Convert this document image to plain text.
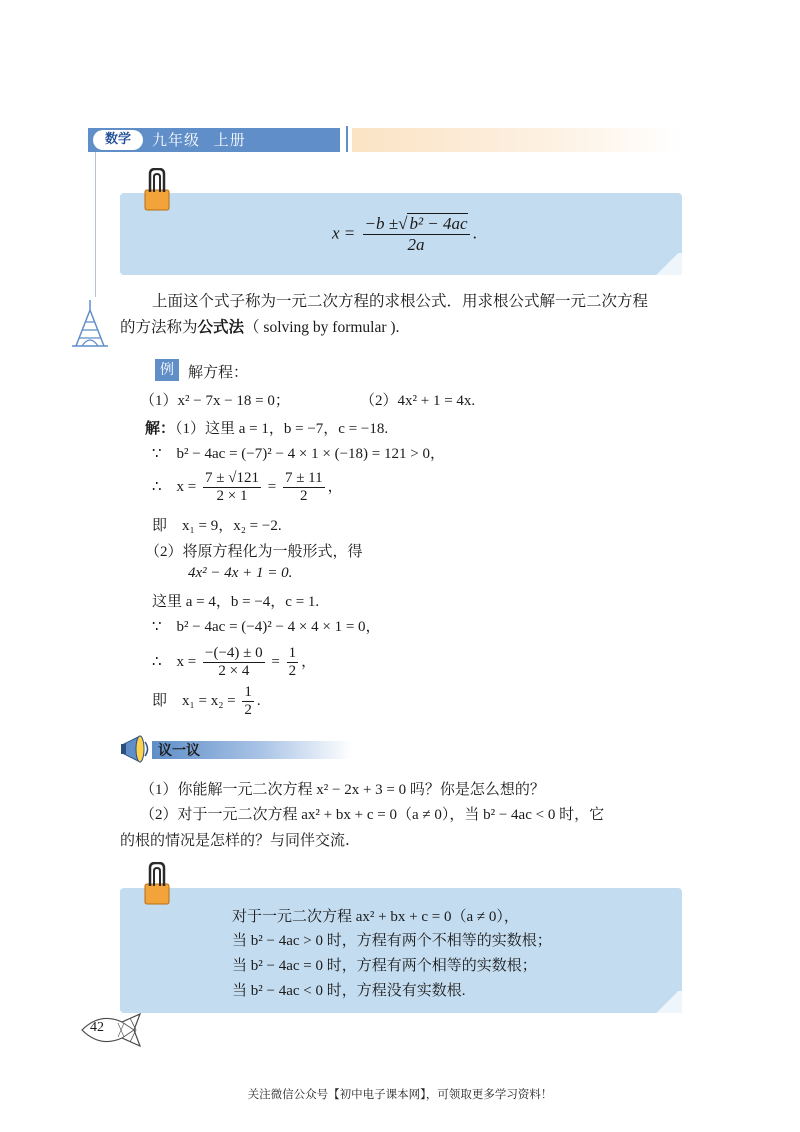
数学	九年级 上册
$x = \frac{\text{−b ±√ b² − 4ac}}{2a}$ .
上面这个式子称为一元二次方程的求根公式．用求根公式解一元二次方程
的方法称为公式法（ solving by formular ).
例 解方程：
（1）x² − 7x − 18 = 0；	（2）4x² + 1 = 4x.
解：（1）这里 a = 1，b = −7，c = −18.
∵　b² − 4ac = (−7)² − 4 × 1 × (−18) = 121 > 0，
∴　$x = \frac{7 \pm √121}{2 \times 1} = \frac{7 \pm 11}{2}$ ，
即　x₁ = 9，x₂ = −2.
（2）将原方程化为一般形式，得
4x² − 4x + 1 = 0.
这里 a = 4，b = −4，c = 1.
∵　b² − 4ac = (−4)² − 4 × 4 × 1 = 0，
∴　$x = \frac{-(-4) \pm 0}{2 \times 4} = \frac{1}{2}$ ，
即　$x_1 = x_2 = \frac{1}{2}$ .
议一议
（1）你能解一元二次方程 x² − 2x + 3 = 0 吗？你是怎么想的？
（2）对于一元二次方程 ax² + bx + c = 0（a ≠ 0），当 b² − 4ac < 0 时，它
的根的情况是怎样的？与同伴交流.
对于一元二次方程 ax² + bx + c = 0（a ≠ 0），
当 b² − 4ac > 0 时，方程有两个不相等的实数根；
当 b² − 4ac = 0 时，方程有两个相等的实数根；
当 b² − 4ac < 0 时，方程没有实数根.
42
关注微信公众号【初中电子课本网】，可领取更多学习资料！
